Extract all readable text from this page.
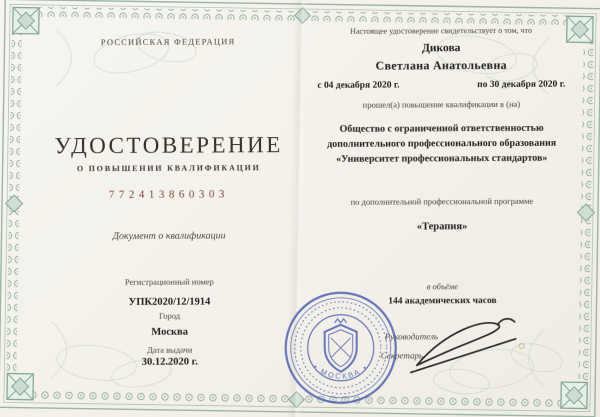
РОССИЙСКАЯ ФЕДЕРАЦИЯ
УДОСТОВЕРЕНИЕ
О ПОВЫШЕНИИ КВАЛИФИКАЦИИ
772413860303
Документ о квалификации
Регистрационный номер
УПК2020/12/1914
Город
Москва
Дата выдачи
30.12.2020 г.
Настоящее удостоверение свидетельствует о том, что
Дикова
Светлана Анатольевна
с 04 декабря 2020 г.	по 30 декабря 2020 г.
прошел(а) повышение квалификации в (на)
Общество с ограниченной ответственностью дополнительного профессионального образования «Университет профессиональных стандартов»
по дополнительной профессиональной программе
«Терапия»
в объёме
144 академических часов
Руководитель
Секретарь
• МОСКВА •
